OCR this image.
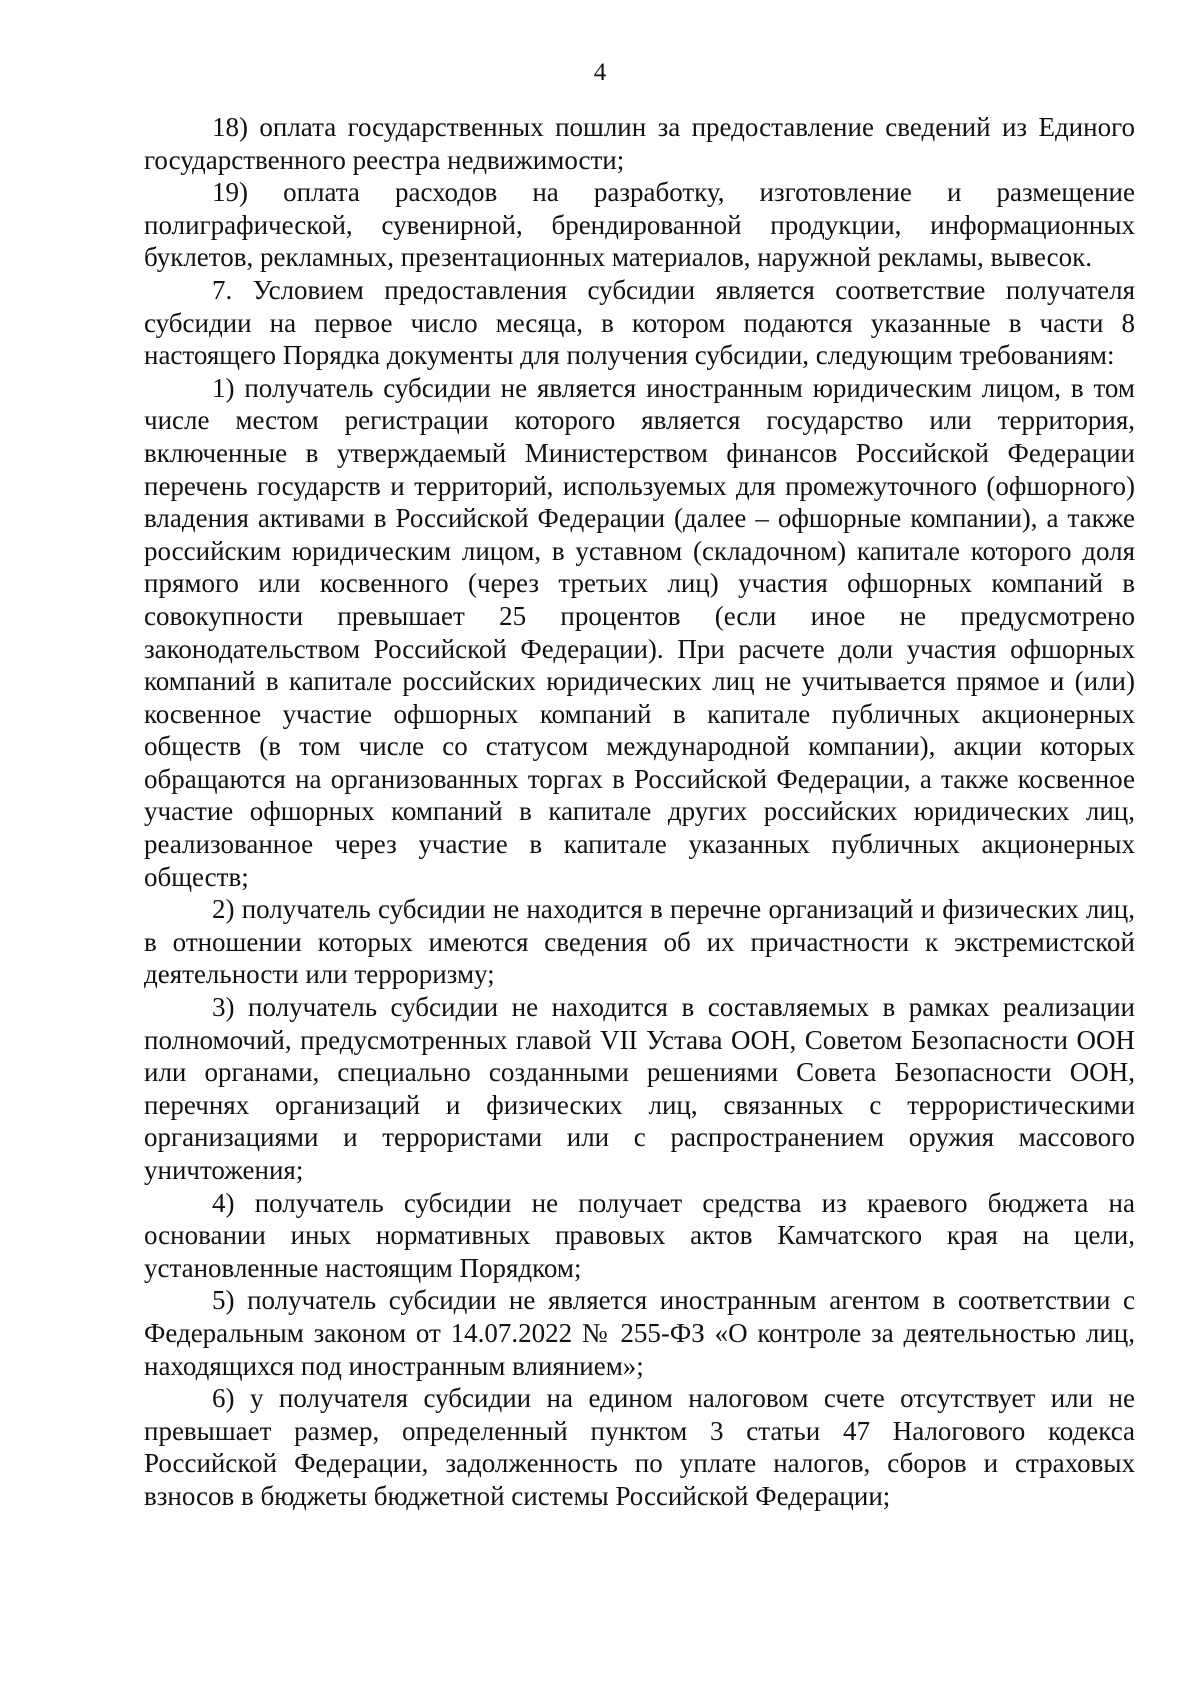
4

18) оплата государственных пошлин за предоставление сведений из Единого государственного реестра недвижимости;

19) оплата расходов на разработку, изготовление и размещение полиграфической, сувенирной, брендированной продукции, информационных буклетов, рекламных, презентационных материалов, наружной рекламы, вывесок.

7. Условием предоставления субсидии является соответствие получателя субсидии на первое число месяца, в котором подаются указанные в части 8 настоящего Порядка документы для получения субсидии, следующим требованиям:

1) получатель субсидии не является иностранным юридическим лицом, в том числе местом регистрации которого является государство или территория, включенные в утверждаемый Министерством финансов Российской Федерации перечень государств и территорий, используемых для промежуточного (офшорного) владения активами в Российской Федерации (далее – офшорные компании), а также российским юридическим лицом, в уставном (складочном) капитале которого доля прямого или косвенного (через третьих лиц) участия офшорных компаний в совокупности превышает 25 процентов (если иное не предусмотрено законодательством Российской Федерации). При расчете доли участия офшорных компаний в капитале российских юридических лиц не учитывается прямое и (или) косвенное участие офшорных компаний в капитале публичных акционерных обществ (в том числе со статусом международной компании), акции которых обращаются на организованных торгах в Российской Федерации, а также косвенное участие офшорных компаний в капитале других российских юридических лиц, реализованное через участие в капитале указанных публичных акционерных обществ;

2) получатель субсидии не находится в перечне организаций и физических лиц, в отношении которых имеются сведения об их причастности к экстремистской деятельности или терроризму;

3) получатель субсидии не находится в составляемых в рамках реализации полномочий, предусмотренных главой VII Устава ООН, Советом Безопасности ООН или органами, специально созданными решениями Совета Безопасности ООН, перечнях организаций и физических лиц, связанных с террористическими организациями и террористами или с распространением оружия массового уничтожения;

4) получатель субсидии не получает средства из краевого бюджета на основании иных нормативных правовых актов Камчатского края на цели, установленные настоящим Порядком;

5) получатель субсидии не является иностранным агентом в соответствии с Федеральным законом от 14.07.2022 № 255-ФЗ «О контроле за деятельностью лиц, находящихся под иностранным влиянием»;

6) у получателя субсидии на едином налоговом счете отсутствует или не превышает размер, определенный пунктом 3 статьи 47 Налогового кодекса Российской Федерации, задолженность по уплате налогов, сборов и страховых взносов в бюджеты бюджетной системы Российской Федерации;
